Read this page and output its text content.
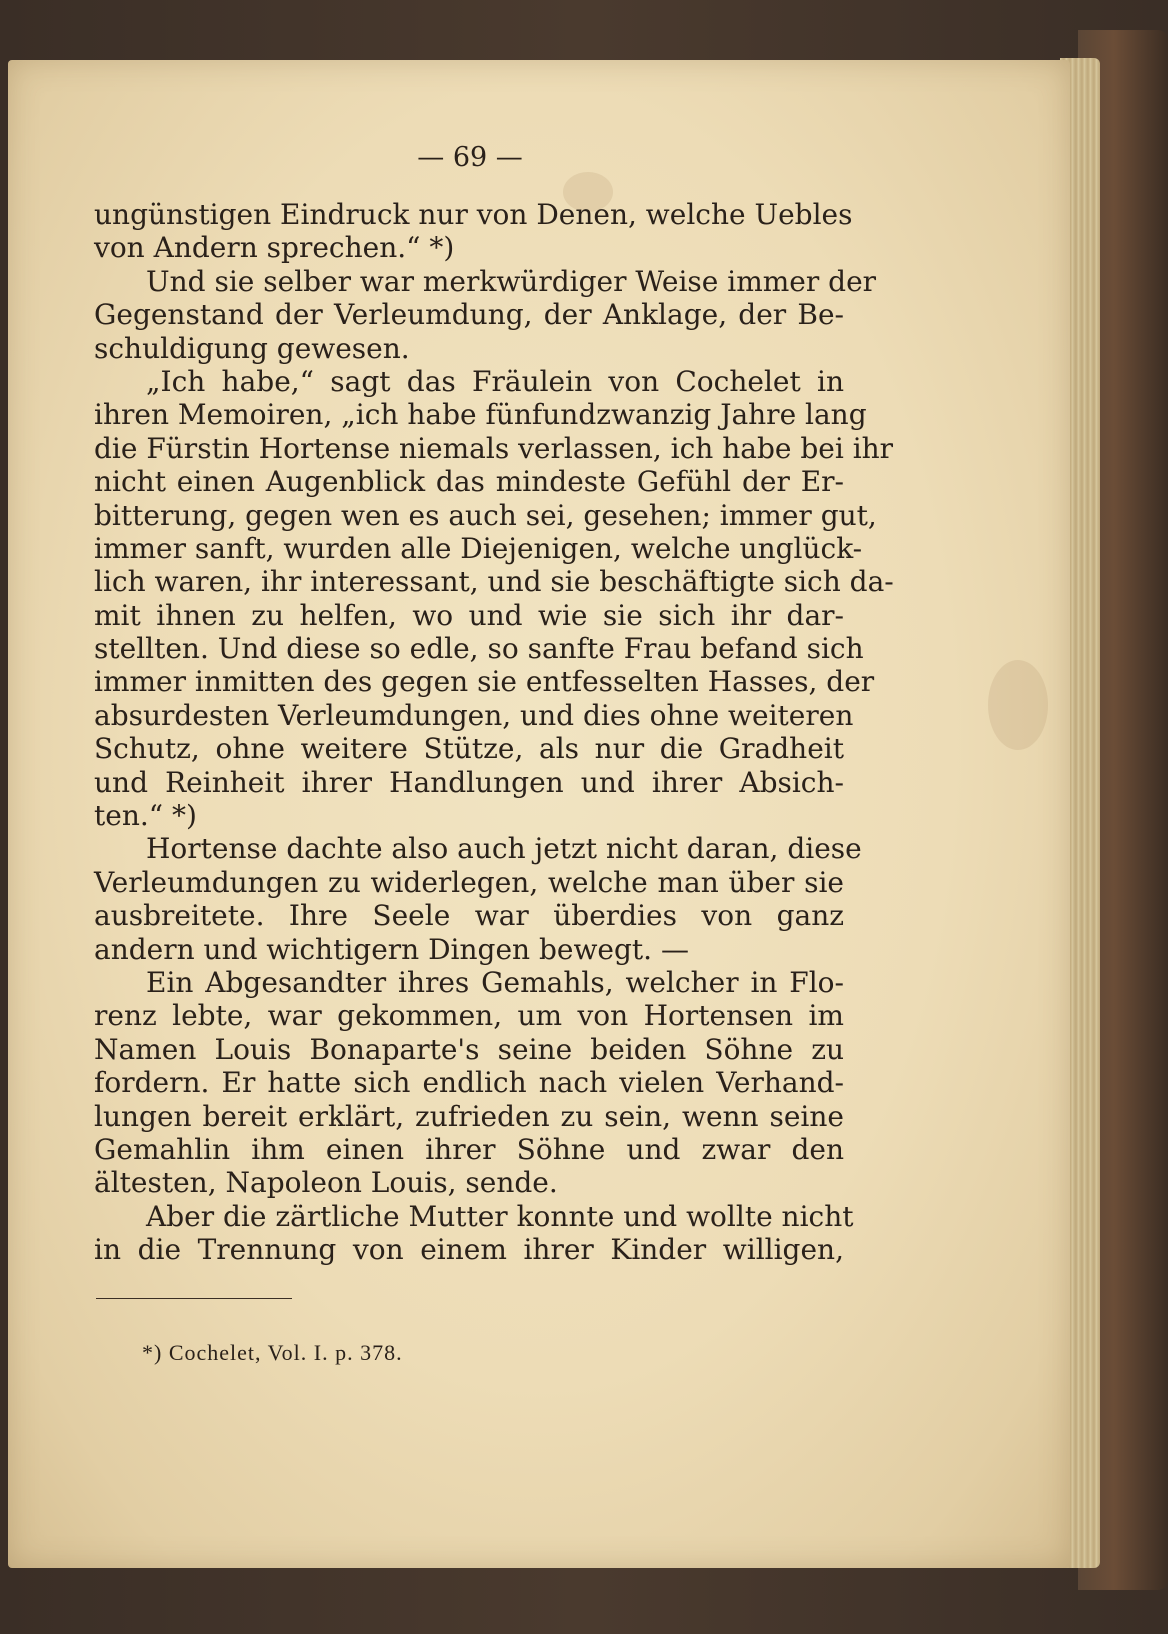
— 69 —
ungünstigen Eindruck nur von Denen, welche Uebles
von Andern sprechen.“ *)
Und sie selber war merkwürdiger Weise immer der
Gegenstand der Verleumdung, der Anklage, der Be-
schuldigung gewesen.
„Ich habe,“ sagt das Fräulein von Cochelet in
ihren Memoiren, „ich habe fünfundzwanzig Jahre lang
die Fürstin Hortense niemals verlassen, ich habe bei ihr
nicht einen Augenblick das mindeste Gefühl der Er-
bitterung, gegen wen es auch sei, gesehen; immer gut,
immer sanft, wurden alle Diejenigen, welche unglück-
lich waren, ihr interessant, und sie beschäftigte sich da-
mit ihnen zu helfen, wo und wie sie sich ihr dar-
stellten. Und diese so edle, so sanfte Frau befand sich
immer inmitten des gegen sie entfesselten Hasses, der
absurdesten Verleumdungen, und dies ohne weiteren
Schutz, ohne weitere Stütze, als nur die Gradheit
und Reinheit ihrer Handlungen und ihrer Absich-
ten.“ *)
Hortense dachte also auch jetzt nicht daran, diese
Verleumdungen zu widerlegen, welche man über sie
ausbreitete. Ihre Seele war überdies von ganz
andern und wichtigern Dingen bewegt. —
Ein Abgesandter ihres Gemahls, welcher in Flo-
renz lebte, war gekommen, um von Hortensen im
Namen Louis Bonaparte's seine beiden Söhne zu
fordern. Er hatte sich endlich nach vielen Verhand-
lungen bereit erklärt, zufrieden zu sein, wenn seine
Gemahlin ihm einen ihrer Söhne und zwar den
ältesten, Napoleon Louis, sende.
Aber die zärtliche Mutter konnte und wollte nicht
in die Trennung von einem ihrer Kinder willigen,
*) Cochelet, Vol. I. p. 378.
